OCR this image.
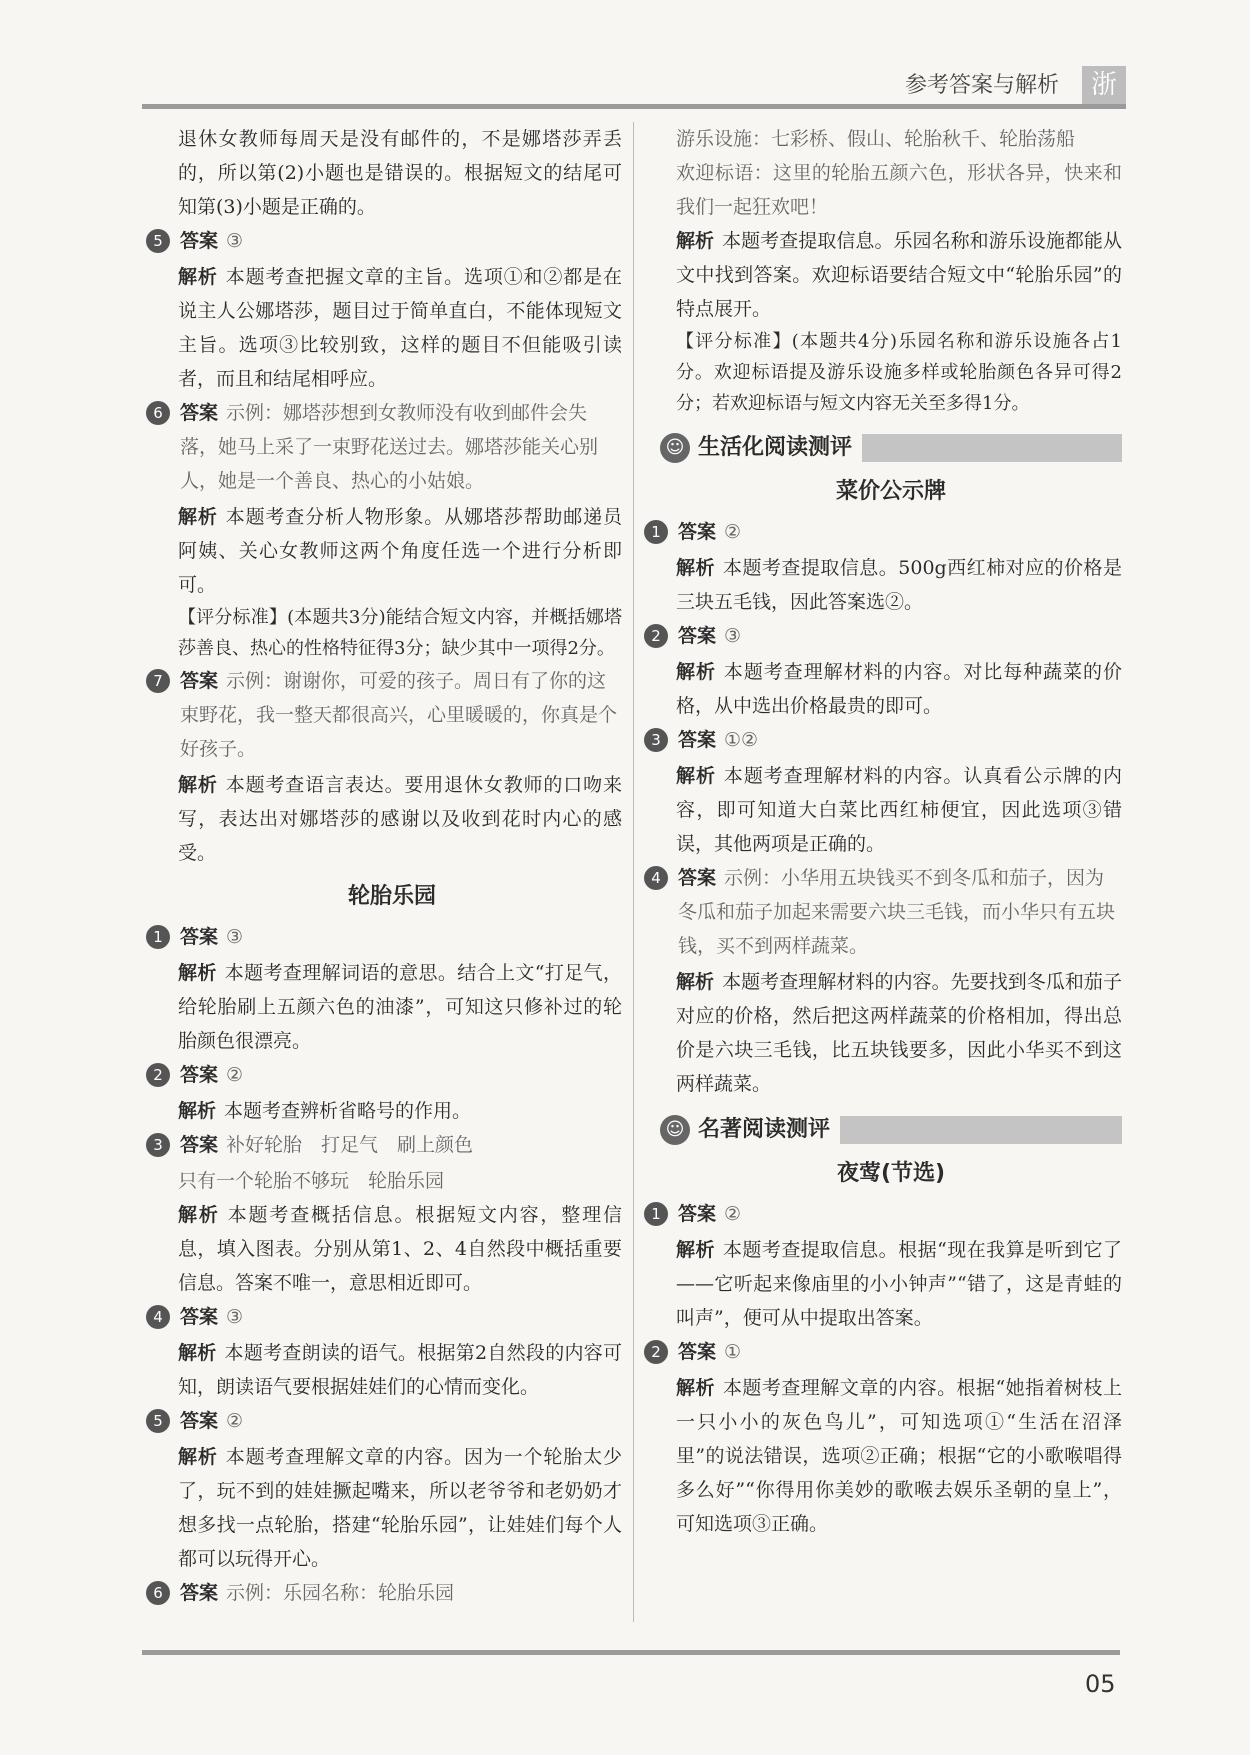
参考答案与解析	浙

退休女教师每周天是没有邮件的，不是娜塔莎弄丢的，所以第(2)小题也是错误的。根据短文的结尾可知第(3)小题是正确的。

5 答案 ③

解析 本题考查把握文章的主旨。选项①和②都是在说主人公娜塔莎，题目过于简单直白，不能体现短文主旨。选项③比较别致，这样的题目不但能吸引读者，而且和结尾相呼应。

6 答案 示例：娜塔莎想到女教师没有收到邮件会失落，她马上采了一束野花送过去。娜塔莎能关心别人，她是一个善良、热心的小姑娘。

解析 本题考查分析人物形象。从娜塔莎帮助邮递员阿姨、关心女教师这两个角度任选一个进行分析即可。

【评分标准】(本题共3分)能结合短文内容，并概括娜塔莎善良、热心的性格特征得3分；缺少其中一项得2分。

7 答案 示例：谢谢你，可爱的孩子。周日有了你的这束野花，我一整天都很高兴，心里暖暖的，你真是个好孩子。

解析 本题考查语言表达。要用退休女教师的口吻来写，表达出对娜塔莎的感谢以及收到花时内心的感受。

轮胎乐园
1 答案 ③

解析 本题考查理解词语的意思。结合上文“打足气，给轮胎刷上五颜六色的油漆”，可知这只修补过的轮胎颜色很漂亮。

2 答案 ②

解析 本题考查辨析省略号的作用。

3 答案 补好轮胎　打足气　刷上颜色

只有一个轮胎不够玩　轮胎乐园

解析 本题考查概括信息。根据短文内容，整理信息，填入图表。分别从第1、2、4自然段中概括重要信息。答案不唯一，意思相近即可。

4 答案 ③

解析 本题考查朗读的语气。根据第2自然段的内容可知，朗读语气要根据娃娃们的心情而变化。

5 答案 ②

解析 本题考查理解文章的内容。因为一个轮胎太少了，玩不到的娃娃撅起嘴来，所以老爷爷和老奶奶才想多找一点轮胎，搭建“轮胎乐园”，让娃娃们每个人都可以玩得开心。

6 答案 示例：乐园名称：轮胎乐园

游乐设施：七彩桥、假山、轮胎秋千、轮胎荡船

欢迎标语：这里的轮胎五颜六色，形状各异，快来和我们一起狂欢吧！

解析 本题考查提取信息。乐园名称和游乐设施都能从文中找到答案。欢迎标语要结合短文中“轮胎乐园”的特点展开。

【评分标准】(本题共4分)乐园名称和游乐设施各占1分。欢迎标语提及游乐设施多样或轮胎颜色各异可得2分；若欢迎标语与短文内容无关至多得1分。

☺ 生活化阅读测评
菜价公示牌
1 答案 ②

解析 本题考查提取信息。500g西红柿对应的价格是三块五毛钱，因此答案选②。

2 答案 ③

解析 本题考查理解材料的内容。对比每种蔬菜的价格，从中选出价格最贵的即可。

3 答案 ①②

解析 本题考查理解材料的内容。认真看公示牌的内容，即可知道大白菜比西红柿便宜，因此选项③错误，其他两项是正确的。

4 答案 示例：小华用五块钱买不到冬瓜和茄子，因为冬瓜和茄子加起来需要六块三毛钱，而小华只有五块钱，买不到两样蔬菜。

解析 本题考查理解材料的内容。先要找到冬瓜和茄子对应的价格，然后把这两样蔬菜的价格相加，得出总价是六块三毛钱，比五块钱要多，因此小华买不到这两样蔬菜。

☺ 名著阅读测评
夜莺(节选)
1 答案 ②

解析 本题考查提取信息。根据“现在我算是听到它了——它听起来像庙里的小小钟声”“错了，这是青蛙的叫声”，便可从中提取出答案。

2 答案 ①

解析 本题考查理解文章的内容。根据“她指着树枝上一只小小的灰色鸟儿”，可知选项①“生活在沼泽里”的说法错误，选项②正确；根据“它的小歌喉唱得多么好”“你得用你美妙的歌喉去娱乐圣朝的皇上”，可知选项③正确。

05
